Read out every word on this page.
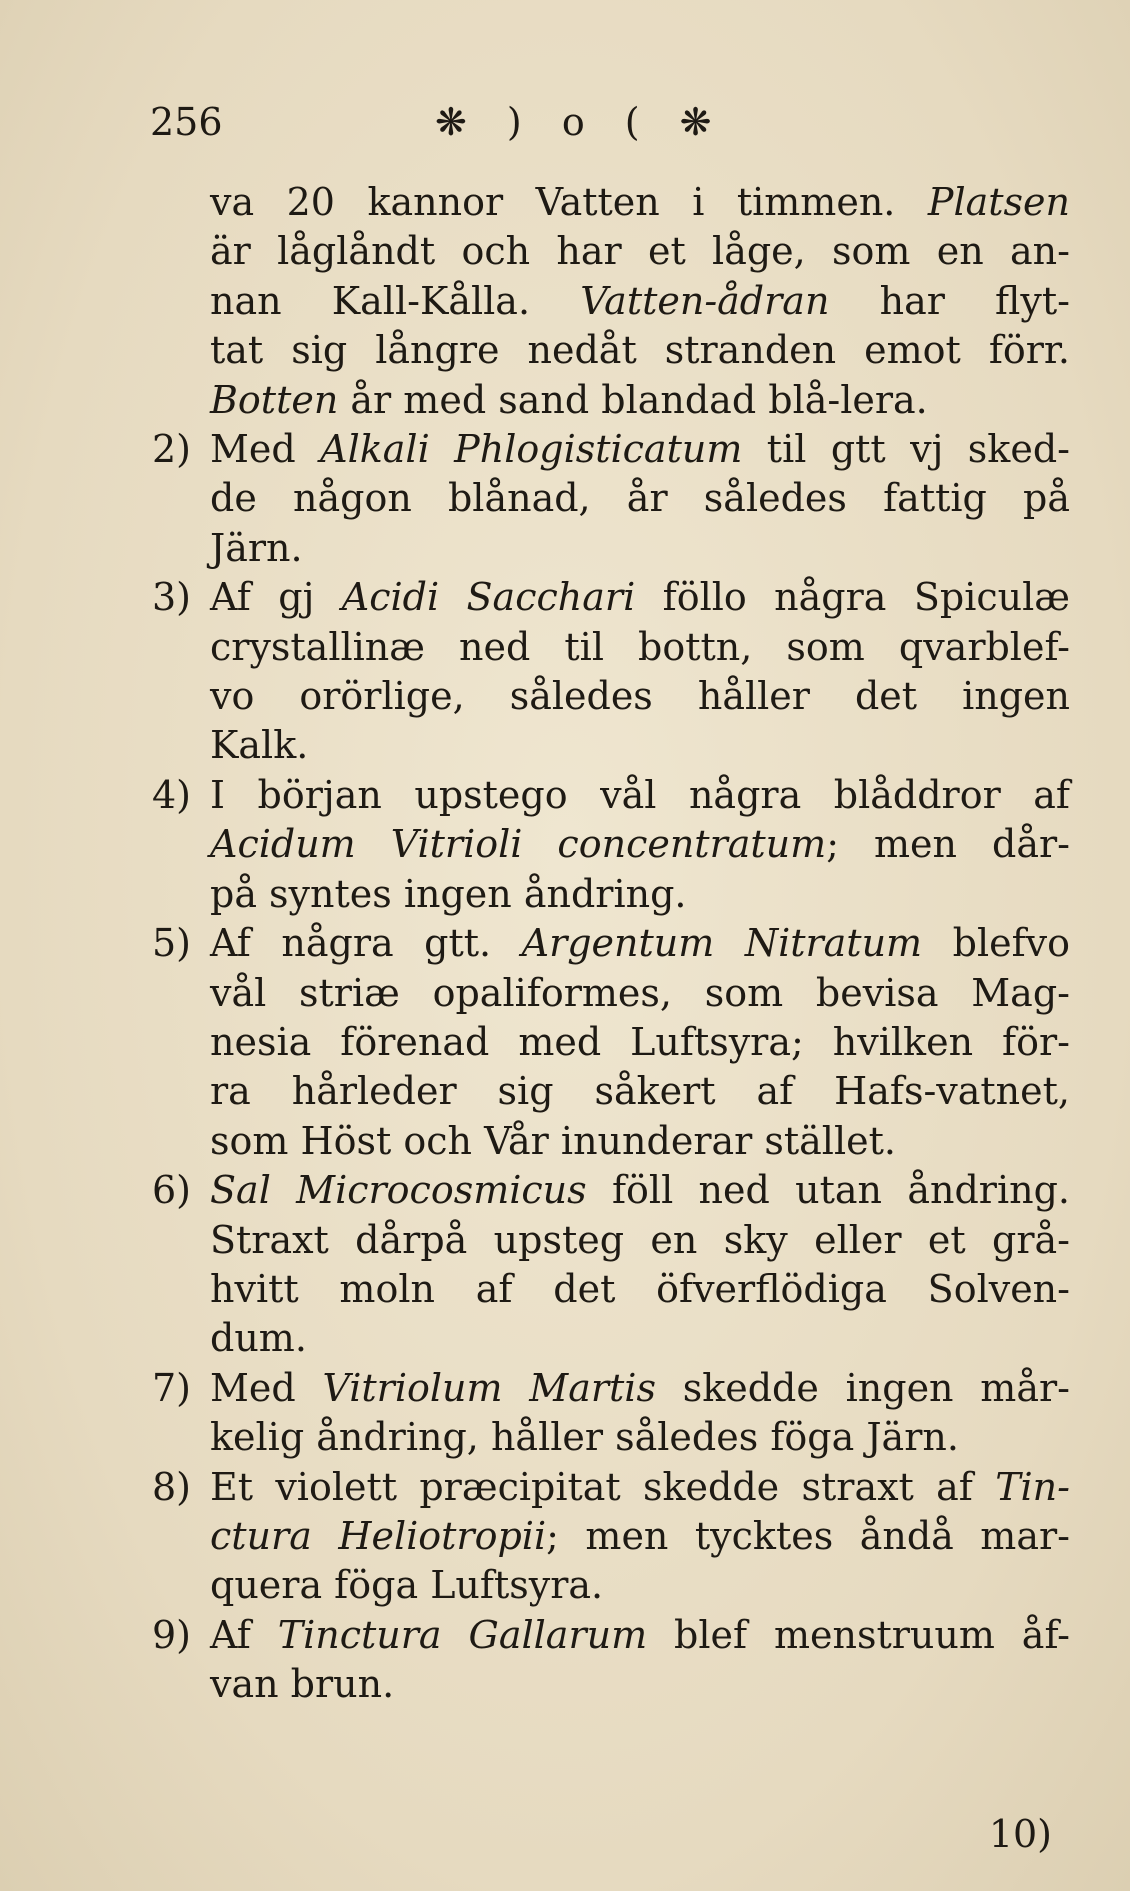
256	❋ ) o ( ❋
va 20 kannor Vatten i timmen. Platsen
är låglåndt och har et låge, som en an-
nan Kall-Kålla. Vatten-ådran har flyt-
tat sig långre nedåt stranden emot förr.
Botten år med sand blandad blå-lera.
2) Med Alkali Phlogisticatum til gtt vj sked-
de någon blånad, år således fattig på
Järn.
3) Af gj Acidi Sacchari föllo några Spiculæ
crystallinæ ned til bottn, som qvarblef-
vo orörlige, således håller det ingen
Kalk.
4) I början upstego vål några blåddror af
Acidum Vitrioli concentratum; men dår-
på syntes ingen åndring.
5) Af några gtt. Argentum Nitratum blefvo
vål striæ opaliformes, som bevisa Mag-
nesia förenad med Luftsyra; hvilken för-
ra hårleder sig såkert af Hafs-vatnet,
som Höst och Vår inunderar stället.
6) Sal Microcosmicus föll ned utan åndring.
Straxt dårpå upsteg en sky eller et grå-
hvitt moln af det öfverflödiga Solven-
dum.
7) Med Vitriolum Martis skedde ingen mår-
kelig åndring, håller således föga Järn.
8) Et violett præcipitat skedde straxt af Tin-
ctura Heliotropii; men tycktes åndå mar-
quera föga Luftsyra.
9) Af Tinctura Gallarum blef menstruum åf-
van brun.
10)
